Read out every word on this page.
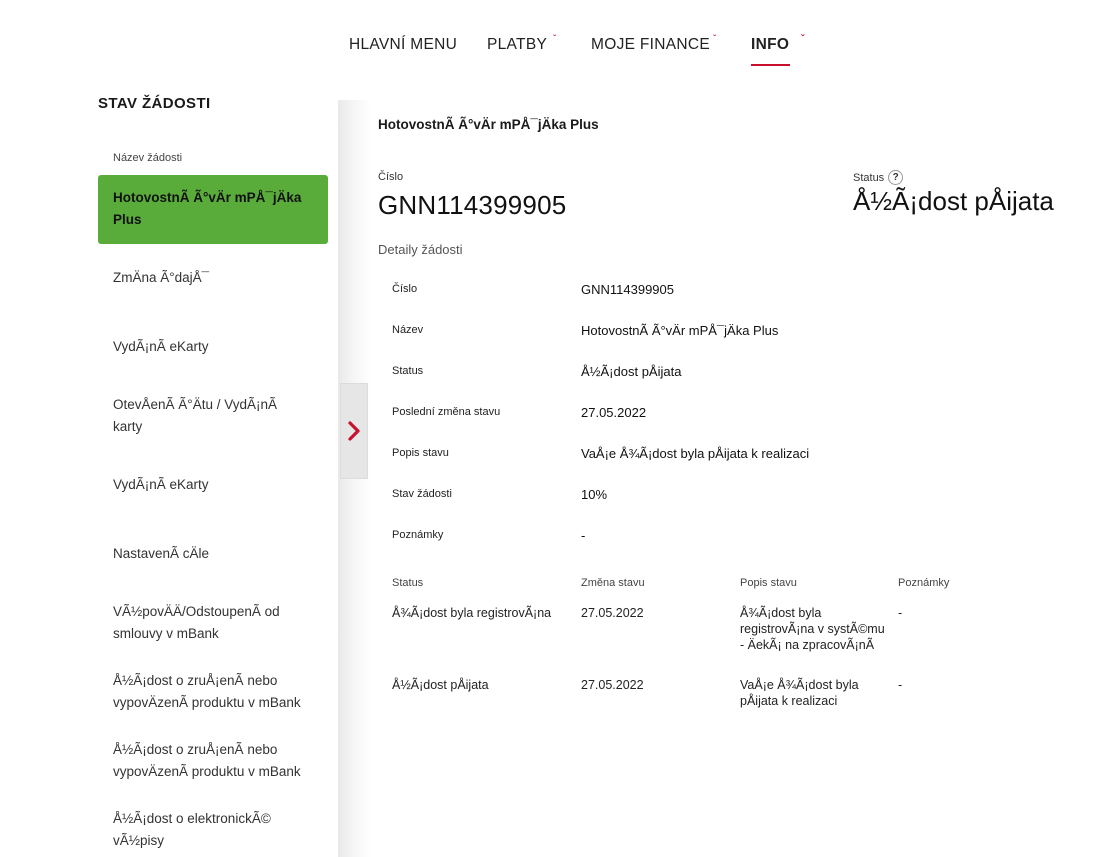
HLAVNÍ MENU PLATBY ˇ MOJE FINANCE ˇ INFO ˇ
STAV ŽÁDOSTI
Název žádosti
HotovostnÃ Ã°vÄr mPÅ¯jÄka Plus
ZmÄna Ã°dajÅ¯
VydÃ¡nÃ eKarty
OtevÅenÃ Ã°Ätu / VydÃ¡nÃ karty
VydÃ¡nÃ eKarty
NastavenÃ cÄle
VÃ½povÄÄ/OdstoupenÃ od smlouvy v mBank
Å½Ã¡dost o zruÅ¡enÃ nebo vypovÄzenÃ produktu v mBank
Å½Ã¡dost o zruÅ¡enÃ nebo vypovÄzenÃ produktu v mBank
Å½Ã¡dost o elektronickÃ© vÃ½pisy
HotovostnÃ Ã°vÄr mPÅ¯jÄka Plus
Číslo
GNN114399905
Status ?
Å½Ã¡dost pÅijata
Detaily žádosti
Číslo	GNN114399905
Název	HotovostnÃ Ã°vÄr mPÅ¯jÄka Plus
Status	Å½Ã¡dost pÅijata
Poslední změna stavu	27.05.2022
Popis stavu	VaÅ¡e Å¾Ã¡dost byla pÅijata k realizaci
Stav žádosti	10%
Poznámky	-
Status	Změna stavu	Popis stavu	Poznámky
Å¾Ã¡dost byla registrovÃ¡na	27.05.2022	Å¾Ã¡dost byla
registrovÃ¡na v systÃ©mu
- ÄekÃ¡ na zpracovÃ¡nÃ
-
Å½Ã¡dost pÅijata	27.05.2022	VaÅ¡e Å¾Ã¡dost byla
pÅijata k realizaci
-
